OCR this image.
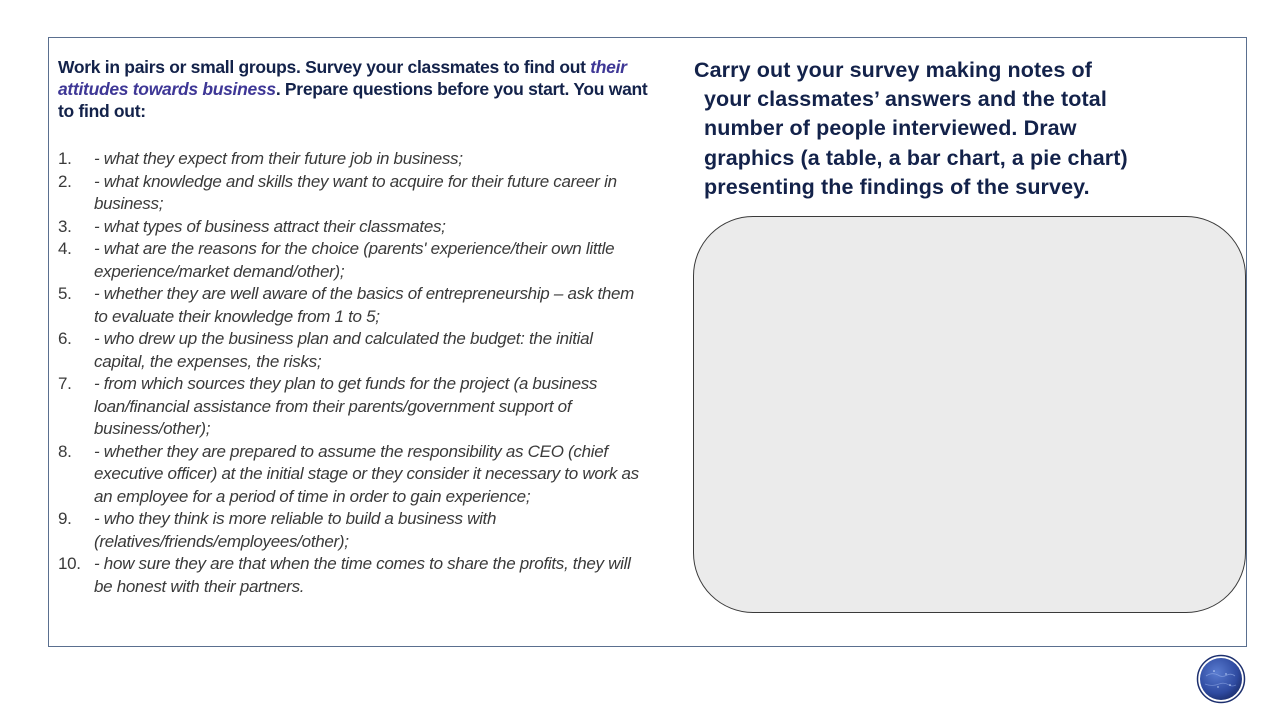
Work in pairs or small groups. Survey your classmates to find out their attitudes towards business. Prepare questions before you start. You want to find out:

1. - what they expect from their future job in business;
2. - what knowledge and skills they want to acquire for their future career in business;
3. - what types of business attract their classmates;
4. - what are the reasons for the choice (parents' experience/their own little experience/market demand/other);
5. - whether they are well aware of the basics of entrepreneurship – ask them to evaluate their knowledge from 1 to 5;
6. - who drew up the business plan and calculated the budget: the initial capital, the expenses, the risks;
7. - from which sources they plan to get funds for the project (a business loan/financial assistance from their parents/government support of business/other);
8. - whether they are prepared to assume the responsibility as CEO (chief executive officer) at the initial stage or they consider it necessary to work as an employee for a period of time in order to gain experience;
9. - who they think is more reliable to build a business with (relatives/friends/employees/other);
10. - how sure they are that when the time comes to share the profits, they will be honest with their partners.

Carry out your survey making notes of
your classmates’ answers and the total
number of people interviewed. Draw
graphics (a table, a bar chart, a pie chart)
presenting the findings of the survey.
